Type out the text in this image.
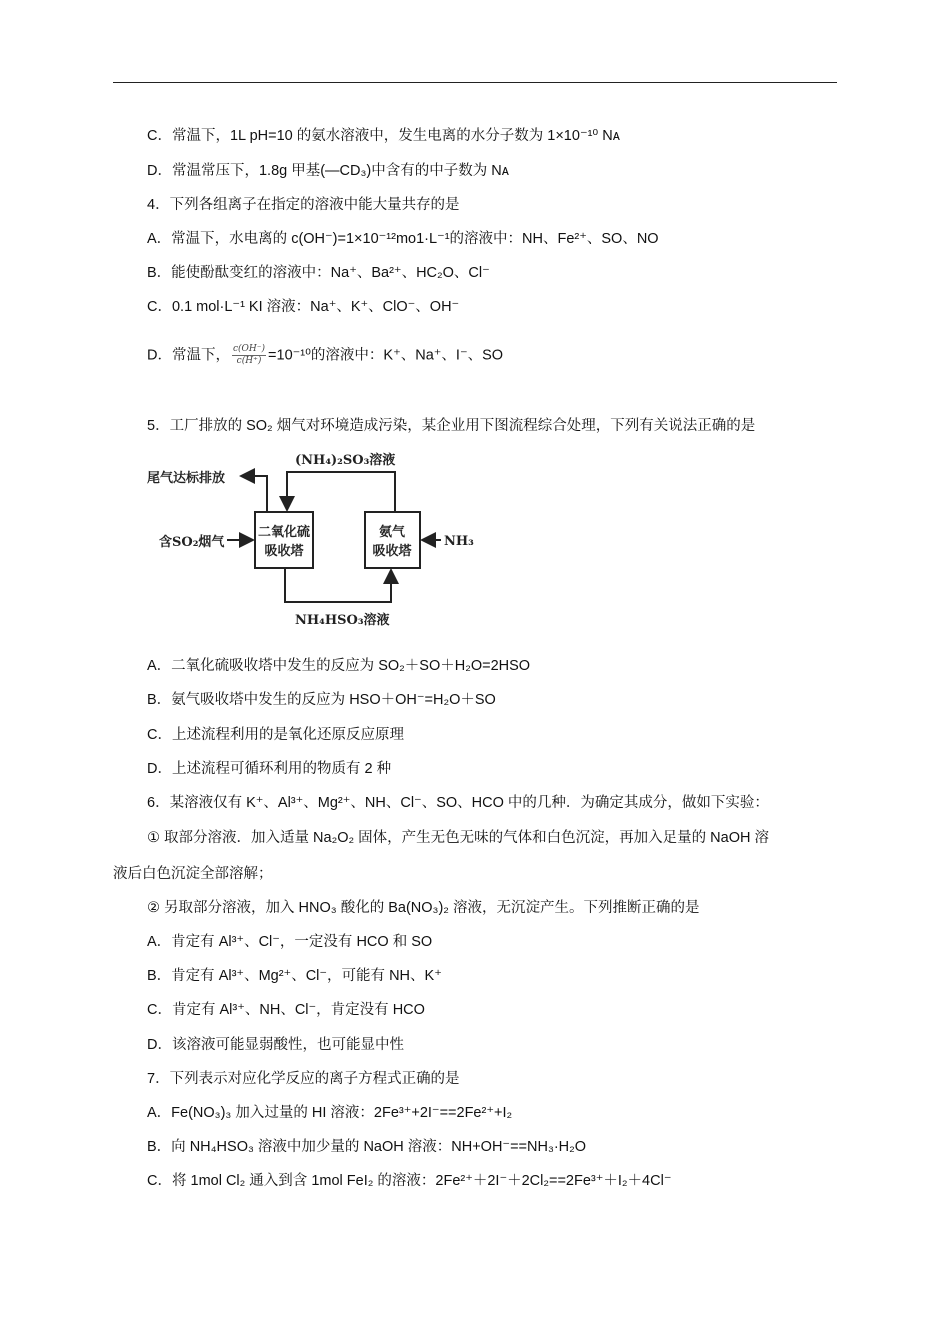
C．常温下，1L pH=10 的氨水溶液中，发生电离的水分子数为 1×10⁻¹⁰ Nᴀ
D．常温常压下，1.8g 甲基(—CD₃)中含有的中子数为 Nᴀ
4．下列各组离子在指定的溶液中能大量共存的是
A．常温下，水电离的 c(OH⁻)=1×10⁻¹²mo1·L⁻¹的溶液中：NH、Fe²⁺、SO、NO
B．能使酚酞变红的溶液中：Na⁺、Ba²⁺、HC₂O、Cl⁻
C．0.1 mol·L⁻¹ KI 溶液：Na⁺、K⁺、ClO⁻、OH⁻
D．常温下， $\frac{c(OH^-)}{c(H^+)} =10^{-10}$的溶液中：K⁺、Na⁺、I⁻、SO
5．工厂排放的 SO₂ 烟气对环境造成污染，某企业用下图流程综合处理，下列有关说法正确的是
尾气达标排放
(NH₄)₂SO₃溶液
含SO₂烟气
二氧化硫
吸收塔
氨气
吸收塔
NH₃
NH₄HSO₃溶液
A．二氧化硫吸收塔中发生的反应为 SO₂＋SO＋H₂O=2HSO
B．氨气吸收塔中发生的反应为 HSO＋OH⁻=H₂O＋SO
C．上述流程利用的是氧化还原反应原理
D．上述流程可循环利用的物质有 2 种
6．某溶液仅有 K⁺、Al³⁺、Mg²⁺、NH、Cl⁻、SO、HCO 中的几种．为确定其成分，做如下实验：
① 取部分溶液．加入适量 Na₂O₂ 固体，产生无色无味的气体和白色沉淀，再加入足量的 NaOH 溶
液后白色沉淀全部溶解；
② 另取部分溶液，加入 HNO₃ 酸化的 Ba(NO₃)₂ 溶液，无沉淀产生。下列推断正确的是
A．肯定有 Al³⁺、Cl⁻，一定没有 HCO 和 SO
B．肯定有 Al³⁺、Mg²⁺、Cl⁻，可能有 NH、K⁺
C．肯定有 Al³⁺、NH、Cl⁻，肯定没有 HCO
D．该溶液可能显弱酸性，也可能显中性
7．下列表示对应化学反应的离子方程式正确的是
A．Fe(NO₃)₃ 加入过量的 HI 溶液：2Fe³⁺+2I⁻==2Fe²⁺+I₂
B．向 NH₄HSO₃ 溶液中加少量的 NaOH 溶液：NH+OH⁻==NH₃·H₂O
C．将 1mol Cl₂ 通入到含 1mol FeI₂ 的溶液：2Fe²⁺＋2I⁻＋2Cl₂==2Fe³⁺＋I₂＋4Cl⁻
